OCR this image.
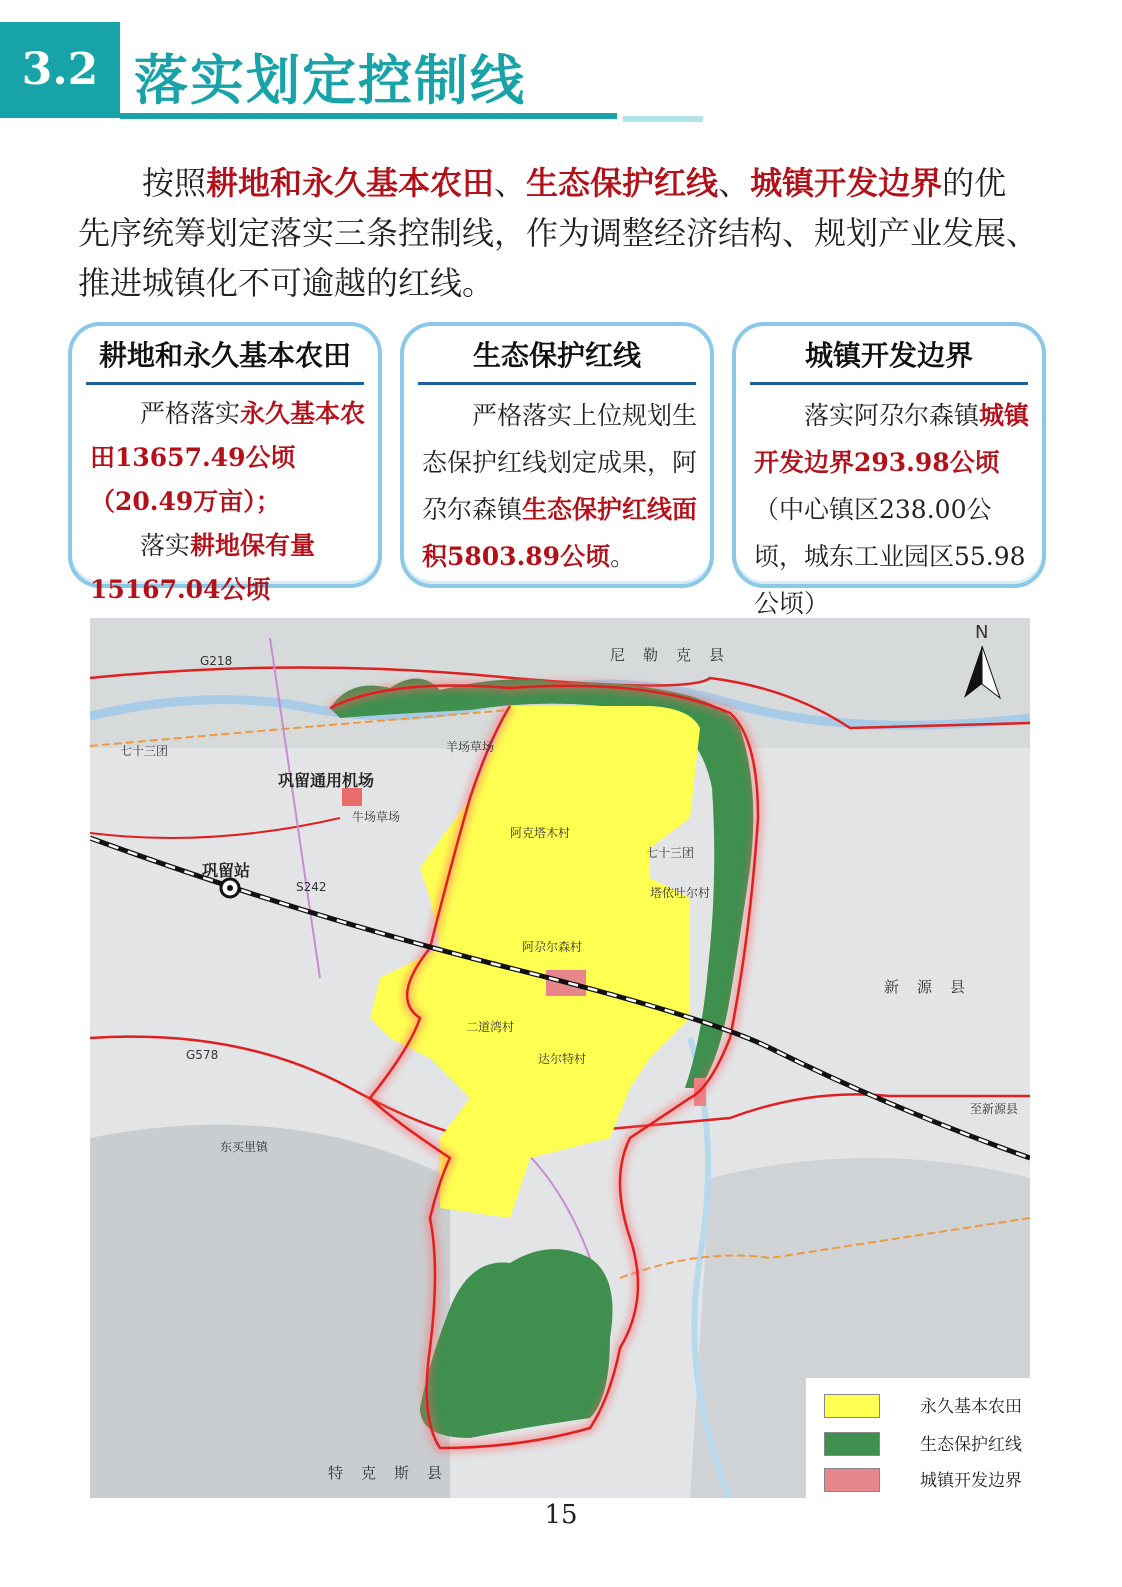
3.2 落实划定控制线
按照耕地和永久基本农田、生态保护红线、城镇开发边界的优先序统筹划定落实三条控制线，作为调整经济结构、规划产业发展、推进城镇化不可逾越的红线。
耕地和永久基本农田
严格落实永久基本农田13657.49公顷（20.49万亩）；
落实耕地保有量15167.04公顷
生态保护红线
严格落实上位规划生态保护红线划定成果，阿尕尔森镇生态保护红线面积5803.89公顷。
城镇开发边界
落实阿尕尔森镇城镇开发边界293.98公顷（中心镇区238.00公顷，城东工业园区55.98公顷）
N
尼勒克县
新源县
特克斯县
巩留通用机场
巩留站
东买里镇
七十三团
七十三团
羊场草场
牛场草场
阿克塔木村
阿尕尔森村
二道湾村
达尔特村
塔依吐尔村
至新源县
G218
G578
S242
永久基本农田
生态保护红线
城镇开发边界
15
